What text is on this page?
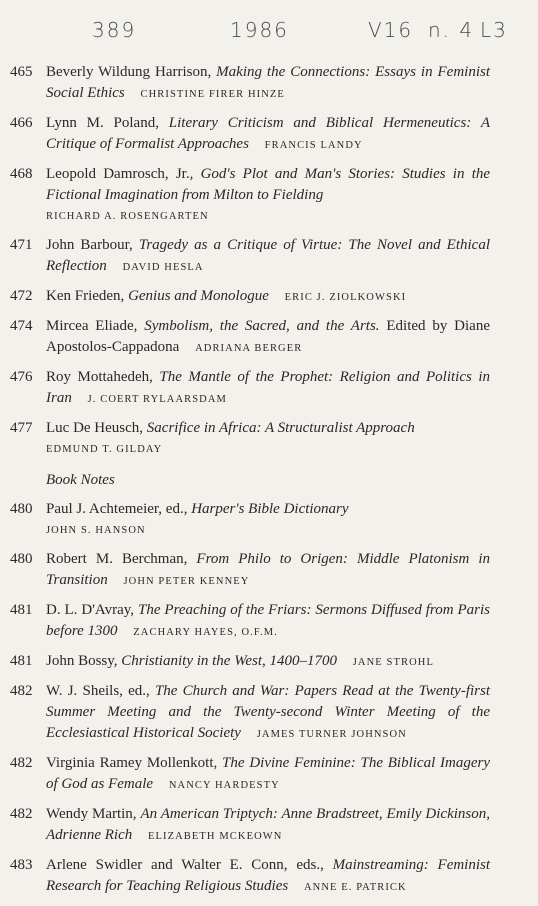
389	1986	V16 n. 4 L3
465 Beverly Wildung Harrison, Making the Connections: Essays in Feminist Social Ethics CHRISTINE FIRER HINZE
466 Lynn M. Poland, Literary Criticism and Biblical Hermeneutics: A Critique of Formalist Approaches FRANCIS LANDY
468 Leopold Damrosch, Jr., God's Plot and Man's Stories: Studies in the Fictional Imagination from Milton to Fielding
RICHARD A. ROSENGARTEN
471 John Barbour, Tragedy as a Critique of Virtue: The Novel and Ethical Reflection DAVID HESLA
472 Ken Frieden, Genius and Monologue ERIC J. ZIOLKOWSKI
474 Mircea Eliade, Symbolism, the Sacred, and the Arts. Edited by Diane Apostolos-Cappadona ADRIANA BERGER
476 Roy Mottahedeh, The Mantle of the Prophet: Religion and Politics in Iran J. COERT RYLAARSDAM
477 Luc De Heusch, Sacrifice in Africa: A Structuralist Approach
EDMUND T. GILDAY
Book Notes
480 Paul J. Achtemeier, ed., Harper's Bible Dictionary
JOHN S. HANSON
480 Robert M. Berchman, From Philo to Origen: Middle Platonism in Transition JOHN PETER KENNEY
481 D. L. D'Avray, The Preaching of the Friars: Sermons Diffused from Paris before 1300 ZACHARY HAYES, O.F.M.
481 John Bossy, Christianity in the West, 1400–1700 JANE STROHL
482 W. J. Sheils, ed., The Church and War: Papers Read at the Twenty-first Summer Meeting and the Twenty-second Winter Meeting of the Ecclesiastical Historical Society JAMES TURNER JOHNSON
482 Virginia Ramey Mollenkott, The Divine Feminine: The Biblical Imagery of God as Female NANCY HARDESTY
482 Wendy Martin, An American Triptych: Anne Bradstreet, Emily Dickinson, Adrienne Rich ELIZABETH MCKEOWN
483 Arlene Swidler and Walter E. Conn, eds., Mainstreaming: Feminist Research for Teaching Religious Studies ANNE E. PATRICK
